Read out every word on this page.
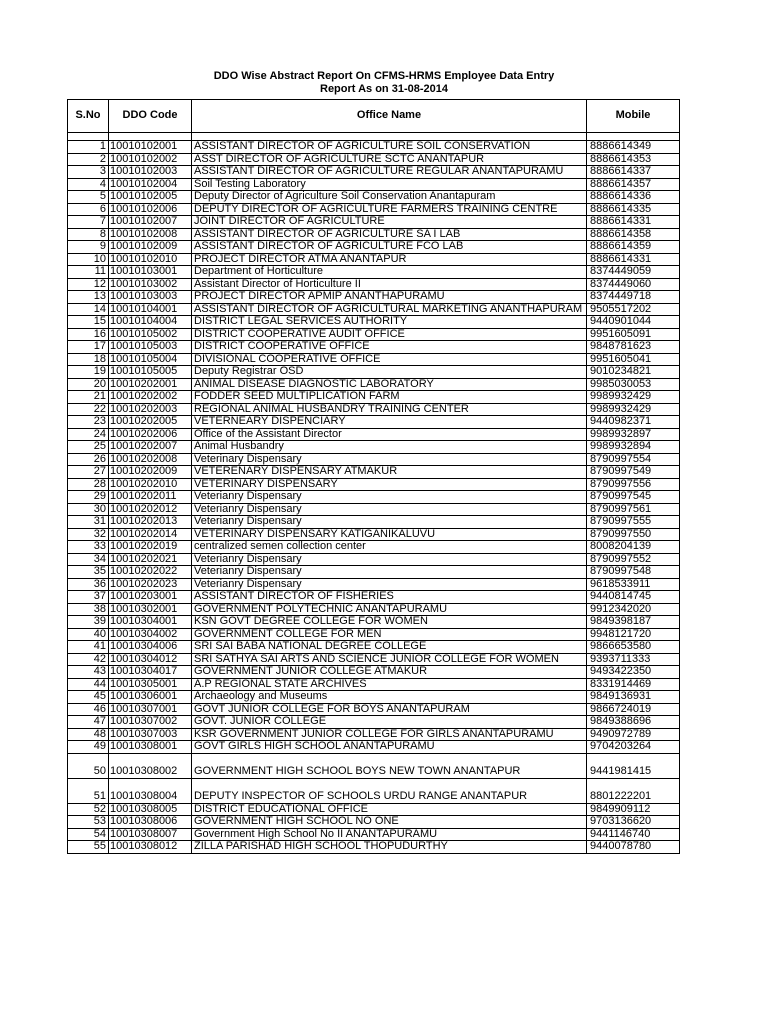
DDO Wise Abstract Report On CFMS-HRMS Employee Data Entry
Report As on 31-08-2014
S.No	DDO Code	Office Name	Mobile

1	10010102001	ASSISTANT DIRECTOR OF AGRICULTURE SOIL CONSERVATION	8886614349
2	10010102002	ASST DIRECTOR OF AGRICULTURE SCTC ANANTAPUR	8886614353
3	10010102003	ASSISTANT DIRECTOR OF AGRICULTURE REGULAR ANANTAPURAMU	8886614337
4	10010102004	Soil Testing Laboratory	8886614357
5	10010102005	Deputy Director of Agriculture Soil Conservation Anantapuram	8886614336
6	10010102006	DEPUTY DIRECTOR OF AGRICULTURE FARMERS TRAINING CENTRE	8886614335
7	10010102007	JOINT DIRECTOR OF AGRICULTURE	8886614331
8	10010102008	ASSISTANT DIRECTOR OF AGRICULTURE SA I LAB	8886614358
9	10010102009	ASSISTANT DIRECTOR OF AGRICULTURE FCO LAB	8886614359
10	10010102010	PROJECT DIRECTOR ATMA ANANTAPUR	8886614331
11	10010103001	Department of Horticulture	8374449059
12	10010103002	Assistant Director of Horticulture II	8374449060
13	10010103003	PROJECT DIRECTOR APMIP ANANTHAPURAMU	8374449718
14	10010104001	ASSISTANT DIRECTOR OF AGRICULTURAL MARKETING ANANTHAPURAM	9505517202
15	10010104004	DISTRICT LEGAL SERVICES AUTHORITY	9440901044
16	10010105002	DISTRICT COOPERATIVE AUDIT OFFICE	9951605091
17	10010105003	DISTRICT COOPERATIVE OFFICE	9848781623
18	10010105004	DIVISIONAL COOPERATIVE OFFICE	9951605041
19	10010105005	Deputy Registrar OSD	9010234821
20	10010202001	ANIMAL DISEASE DIAGNOSTIC LABORATORY	9985030053
21	10010202002	FODDER SEED MULTIPLICATION FARM	9989932429
22	10010202003	REGIONAL ANIMAL HUSBANDRY TRAINING CENTER	9989932429
23	10010202005	VETERNEARY DISPENCIARY	9440982371
24	10010202006	Office of the Assistant Director	9989932897
25	10010202007	Animal Husbandry	9989932894
26	10010202008	Veterinary Dispensary	8790997554
27	10010202009	VETERENARY DISPENSARY ATMAKUR	8790997549
28	10010202010	VETERINARY DISPENSARY	8790997556
29	10010202011	Veterianry Dispensary	8790997545
30	10010202012	Veterianry Dispensary	8790997561
31	10010202013	Veterianry Dispensary	8790997555
32	10010202014	VETERINARY DISPENSARY KATIGANIKALUVU	8790997550
33	10010202019	centralized semen collection center	8008204139
34	10010202021	Veterianry Dispensary	8790997552
35	10010202022	Veterianry Dispensary	8790997548
36	10010202023	Veterianry Dispensary	9618533911
37	10010203001	ASSISTANT DIRECTOR OF FISHERIES	9440814745
38	10010302001	GOVERNMENT POLYTECHNIC ANANTAPURAMU	9912342020
39	10010304001	KSN GOVT DEGREE COLLEGE FOR WOMEN	9849398187
40	10010304002	GOVERNMENT COLLEGE FOR MEN	9948121720
41	10010304006	SRI SAI BABA NATIONAL DEGREE COLLEGE	9866653580
42	10010304012	SRI SATHYA SAI ARTS AND SCIENCE JUNIOR COLLEGE FOR WOMEN	9393711333
43	10010304017	GOVERNMENT JUNIOR COLLEGE ATMAKUR	9493422350
44	10010305001	A.P REGIONAL STATE ARCHIVES	8331914469
45	10010306001	Archaeology and Museums	9849136931
46	10010307001	GOVT JUNIOR COLLEGE FOR BOYS ANANTAPURAM	9866724019
47	10010307002	GOVT. JUNIOR COLLEGE	9849388696
48	10010307003	KSR GOVERNMENT JUNIOR COLLEGE FOR GIRLS ANANTAPURAMU	9490972789
49	10010308001	GOVT GIRLS HIGH SCHOOL ANANTAPURAMU	9704203264
50	10010308002	GOVERNMENT HIGH SCHOOL BOYS NEW TOWN ANANTAPUR	9441981415
51	10010308004	DEPUTY INSPECTOR OF SCHOOLS URDU RANGE ANANTAPUR	8801222201
52	10010308005	DISTRICT EDUCATIONAL OFFICE	9849909112
53	10010308006	GOVERNMENT HIGH SCHOOL NO ONE	9703136620
54	10010308007	Government High School No II ANANTAPURAMU	9441146740
55	10010308012	ZILLA PARISHAD HIGH SCHOOL THOPUDURTHY	9440078780
